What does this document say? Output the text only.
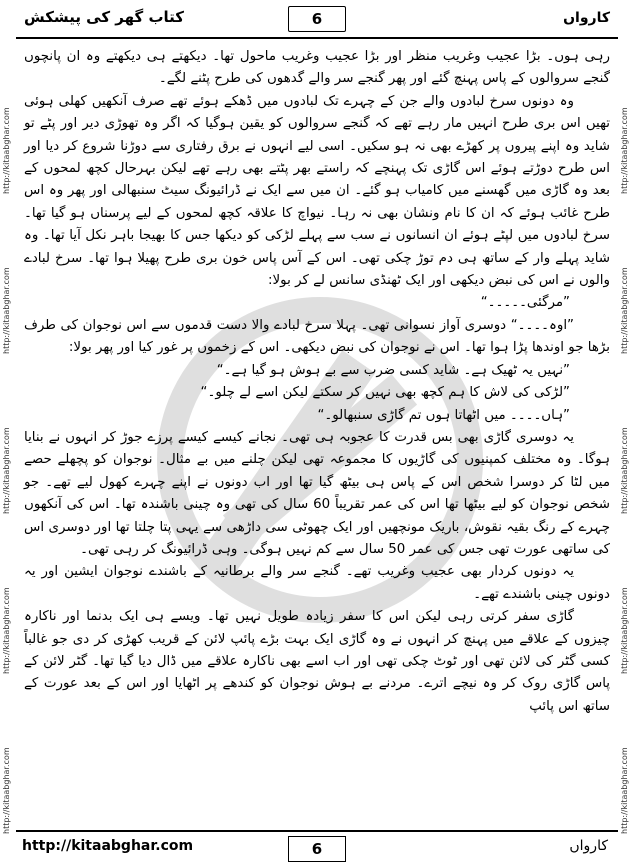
کتاب گھر کی پیشکش	6	کارواں
http://kitaabghar.com
http://kitaabghar.com
http://kitaabghar.com
http://kitaabghar.com
http://kitaabghar.com
http://kitaabghar.com
http://kitaabghar.com
http://kitaabghar.com
http://kitaabghar.com
http://kitaabghar.com

رہی ہوں۔ بڑا عجیب وغریب منظر اور بڑا عجیب وغریب ماحول تھا۔ دیکھتے ہی دیکھتے وہ ان پانچوں گنجے سروالوں کے پاس پہنچ گئے اور پھر گنجے سر والے گدھوں کی طرح پٹنے لگے۔

وہ دونوں سرخ لبادوں والے جن کے چہرے تک لبادوں میں ڈھکے ہوئے تھے صرف آنکھیں کھلی ہوئی تھیں اس بری طرح انہیں مار رہے تھے کہ گنجے سروالوں کو یقین ہوگیا کہ اگر وہ تھوڑی دیر اور پٹے تو شاید وہ اپنے پیروں پر کھڑے بھی نہ ہو سکیں۔ اسی لیے انہوں نے برق رفتاری سے دوڑنا شروع کر دیا اور اس طرح دوڑتے ہوئے اس گاڑی تک پہنچے کہ راستے بھر پٹتے بھی رہے تھے لیکن بہرحال کچھ لمحوں کے بعد وہ گاڑی میں گھسنے میں کامیاب ہو گئے۔ ان میں سے ایک نے ڈرائیونگ سیٹ سنبھالی اور پھر وہ اس طرح غائب ہوئے کہ ان کا نام ونشان بھی نہ رہا۔ نیواچ کا علاقہ کچھ لمحوں کے لیے پرسناں ہو گیا تھا۔ سرخ لبادوں میں لپٹے ہوئے ان انسانوں نے سب سے پہلے لڑکی کو دیکھا جس کا بھیجا باہر نکل آیا تھا۔ وہ شاید پہلے وار کے ساتھ ہی دم توڑ چکی تھی۔ اس کے آس پاس خون بری طرح پھیلا ہوا تھا۔ سرخ لبادے والوں نے اس کی نبض دیکھی اور ایک ٹھنڈی سانس لے کر بولا:

”مرگئی۔۔۔۔۔“

”اوہ۔۔۔۔“ دوسری آواز نسوانی تھی۔ پہلا سرخ لبادے والا دست قدموں سے اس نوجوان کی طرف بڑھا جو اوندھا پڑا ہوا تھا۔ اس نے نوجوان کی نبض دیکھی۔ اس کے زخموں پر غور کیا اور پھر بولا:

”نہیں یہ ٹھیک ہے۔ شاید کسی ضرب سے بے ہوش ہو گیا ہے۔“

”لڑکی کی لاش کا ہم کچھ بھی نہیں کر سکتے لیکن اسے لے چلو۔“

”ہاں۔۔۔۔ میں اٹھاتا ہوں تم گاڑی سنبھالو۔“

یہ دوسری گاڑی بھی بس قدرت کا عجوبہ ہی تھی۔ نجانے کیسے کیسے پرزے جوڑ کر انہوں نے بنایا ہوگا۔ وہ مختلف کمپنیوں کی گاڑیوں کا مجموعہ تھی لیکن چلنے میں بے مثال۔ نوجوان کو پچھلے حصے میں لٹا کر دوسرا شخص اس کے پاس ہی بیٹھ گیا تھا اور اب دونوں نے اپنے چہرے کھول لیے تھے۔ جو شخص نوجوان کو لیے بیٹھا تھا اس کی عمر تقریباً 60 سال کی تھی وہ چینی باشندہ تھا۔ اس کی آنکھوں چہرے کے رنگ بقیہ نقوش، باریک مونچھیں اور ایک چھوٹی سی داڑھی سے یہی پتا چلتا تھا اور دوسری اس کی ساتھی عورت تھی جس کی عمر 50 سال سے کم نہیں ہوگی۔ وہی ڈرائیونگ کر رہی تھی۔

یہ دونوں کردار بھی عجیب وغریب تھے۔ گنجے سر والے برطانیہ کے باشندے نوجوان ایشین اور یہ دونوں چینی باشندے تھے۔

گاڑی سفر کرتی رہی لیکن اس کا سفر زیادہ طویل نہیں تھا۔ ویسے ہی ایک بدنما اور ناکارہ چیزوں کے علاقے میں پہنچ کر انہوں نے وہ گاڑی ایک بہت بڑے پائپ لائن کے قریب کھڑی کر دی جو غالباً کسی گٹر کی لائن تھی اور ٹوٹ چکی تھی اور اب اسے بھی ناکارہ علاقے میں ڈال دیا گیا تھا۔ گٹر لائن کے پاس گاڑی روک کر وہ نیچے اترے۔ مردنے بے ہوش نوجوان کو کندھے پر اٹھایا اور اس کے بعد عورت کے ساتھ اس پائپ

http://kitaabghar.com	6	کارواں
